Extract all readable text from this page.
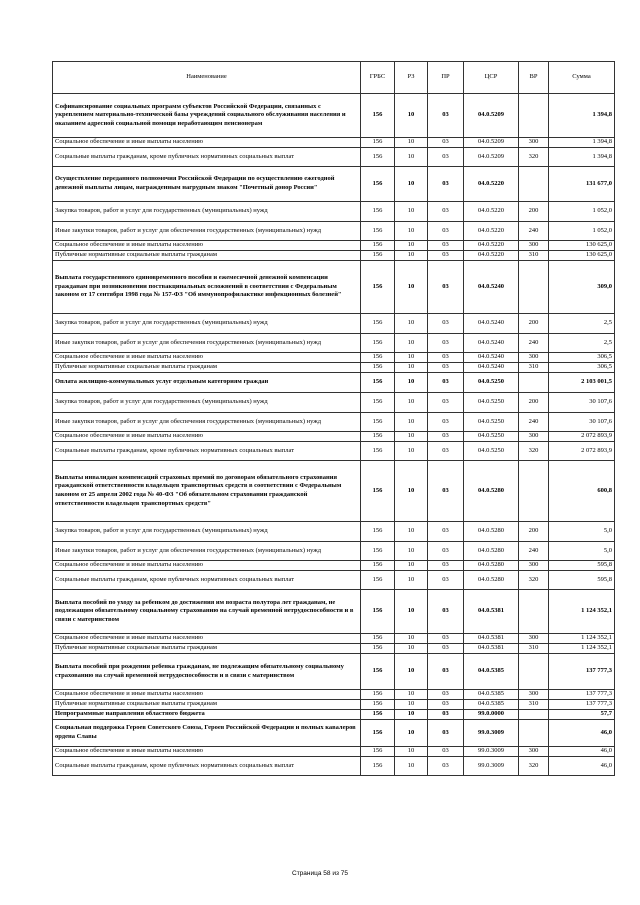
Наименование	ГРБС	РЗ	ПР	ЦСР	ВР	Сумма
Софинансирование социальных программ субъектов Российской Федерации, связанных с укреплением материально-технической базы учреждений социального обслуживания населения и оказанием адресной социальной помощи неработающим пенсионерам	156	10	03	04.0.5209		1 394,8
Социальное обеспечение и иные выплаты населению	156	10	03	04.0.5209	300	1 394,8
Социальные выплаты гражданам, кроме публичных нормативных социальных выплат	156	10	03	04.0.5209	320	1 394,8
Осуществление переданного полномочия Российской Федерации по осуществлению ежегодной денежной выплаты лицам, награжденным нагрудным знаком "Почетный донор России"	156	10	03	04.0.5220		131 677,0
Закупка товаров, работ и услуг для государственных (муниципальных) нужд	156	10	03	04.0.5220	200	1 052,0
Иные закупки товаров, работ и услуг для обеспечения государственных (муниципальных) нужд	156	10	03	04.0.5220	240	1 052,0
Социальное обеспечение и иные выплаты населению	156	10	03	04.0.5220	300	130 625,0
Публичные нормативные социальные выплаты гражданам	156	10	03	04.0.5220	310	130 625,0
Выплата государственного единовременного пособия и ежемесячной денежной компенсации гражданам при возникновении поствакцинальных осложнений в соответствии с Федеральным законом от 17 сентября 1998 года № 157-ФЗ "Об иммунопрофилактике инфекционных болезней"	156	10	03	04.0.5240		309,0
Закупка товаров, работ и услуг для государственных (муниципальных) нужд	156	10	03	04.0.5240	200	2,5
Иные закупки товаров, работ и услуг для обеспечения государственных (муниципальных) нужд	156	10	03	04.0.5240	240	2,5
Социальное обеспечение и иные выплаты населению	156	10	03	04.0.5240	300	306,5
Публичные нормативные социальные выплаты гражданам	156	10	03	04.0.5240	310	306,5
Оплата жилищно-коммунальных услуг отдельным категориям граждан	156	10	03	04.0.5250		2 103 001,5
Закупка товаров, работ и услуг для государственных (муниципальных) нужд	156	10	03	04.0.5250	200	30 107,6
Иные закупки товаров, работ и услуг для обеспечения государственных (муниципальных) нужд	156	10	03	04.0.5250	240	30 107,6
Социальное обеспечение и иные выплаты населению	156	10	03	04.0.5250	300	2 072 893,9
Социальные выплаты гражданам, кроме публичных нормативных социальных выплат	156	10	03	04.0.5250	320	2 072 893,9
Выплаты инвалидам компенсаций страховых премий по договорам обязательного страхования гражданской ответственности владельцев транспортных средств в соответствии с Федеральным законом от 25 апреля 2002 года № 40-ФЗ "Об обязательном страховании гражданской ответственности владельцев транспортных средств"	156	10	03	04.0.5280		600,8
Закупка товаров, работ и услуг для государственных (муниципальных) нужд	156	10	03	04.0.5280	200	5,0
Иные закупки товаров, работ и услуг для обеспечения государственных (муниципальных) нужд	156	10	03	04.0.5280	240	5,0
Социальное обеспечение и иные выплаты населению	156	10	03	04.0.5280	300	595,8
Социальные выплаты гражданам, кроме публичных нормативных социальных выплат	156	10	03	04.0.5280	320	595,8
Выплата пособий по уходу за ребенком до достижения им возраста полутора лет гражданам, не подлежащим обязательному социальному страхованию на случай временной нетрудоспособности и в связи с материнством	156	10	03	04.0.5381		1 124 352,1
Социальное обеспечение и иные выплаты населению	156	10	03	04.0.5381	300	1 124 352,1
Публичные нормативные социальные выплаты гражданам	156	10	03	04.0.5381	310	1 124 352,1
Выплата пособий при рождении ребенка гражданам, не подлежащим обязательному социальному страхованию на случай временной нетрудоспособности и в связи с материнством	156	10	03	04.0.5385		137 777,3
Социальное обеспечение и иные выплаты населению	156	10	03	04.0.5385	300	137 777,3
Публичные нормативные социальные выплаты гражданам	156	10	03	04.0.5385	310	137 777,3
Непрограммные направления областного бюджета	156	10	03	99.0.0000		57,7
Социальная поддержка Героев Советского Союза, Героев Российской Федерации и полных кавалеров ордена Славы	156	10	03	99.0.3009		46,0
Социальное обеспечение и иные выплаты населению	156	10	03	99.0.3009	300	46,0
Социальные выплаты гражданам, кроме публичных нормативных социальных выплат	156	10	03	99.0.3009	320	46,0
Страница 58 из 75
